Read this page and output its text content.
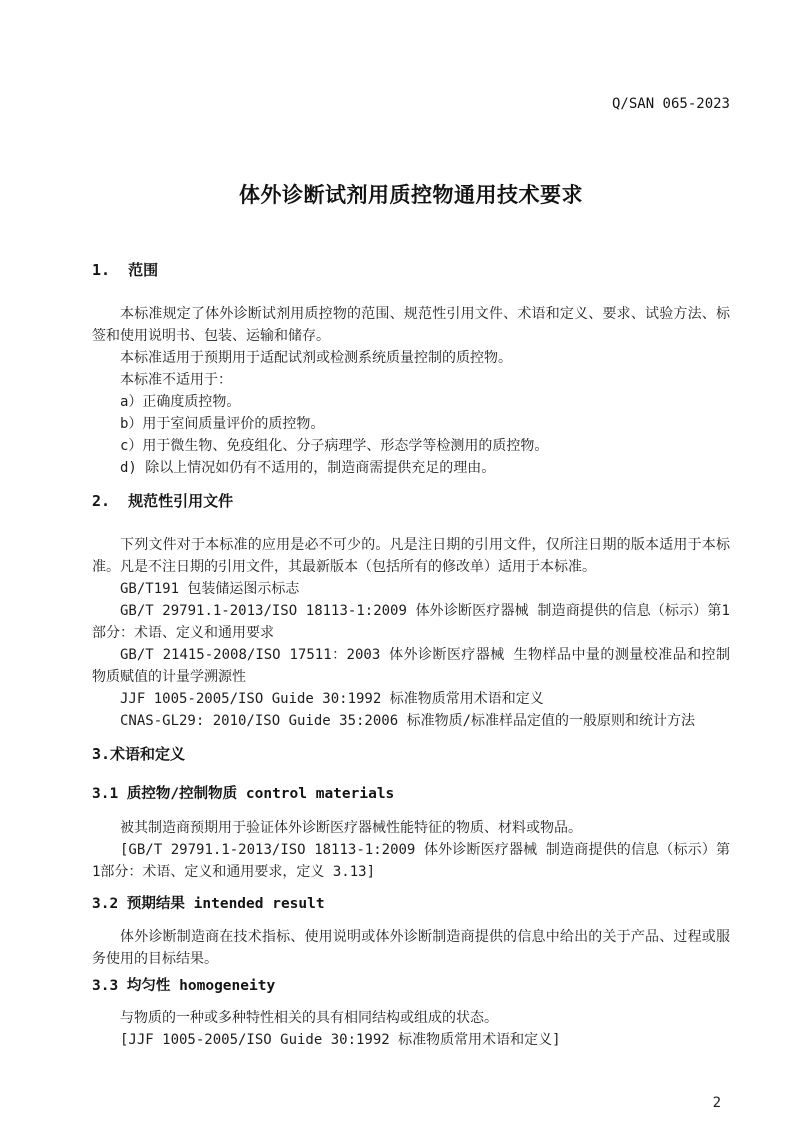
Q/SAN 065-2023
体外诊断试剂用质控物通用技术要求
1.  范围

本标准规定了体外诊断试剂用质控物的范围、规范性引用文件、术语和定义、要求、试验方法、标签和使用说明书、包装、运输和储存。

本标准适用于预期用于适配试剂或检测系统质量控制的质控物。

本标准不适用于：

a）正确度质控物。

b）用于室间质量评价的质控物。

c）用于微生物、免疫组化、分子病理学、形态学等检测用的质控物。

d) 除以上情况如仍有不适用的，制造商需提供充足的理由。

2.  规范性引用文件

下列文件对于本标准的应用是必不可少的。凡是注日期的引用文件，仅所注日期的版本适用于本标准。凡是不注日期的引用文件，其最新版本（包括所有的修改单）适用于本标准。

GB/T191 包装储运图示标志

GB/T 29791.1-2013/ISO 18113-1:2009 体外诊断医疗器械 制造商提供的信息（标示）第1部分：术语、定义和通用要求

GB/T 21415-2008/ISO 17511：2003 体外诊断医疗器械 生物样品中量的测量校准品和控制物质赋值的计量学溯源性

JJF 1005-2005/ISO Guide 30:1992 标准物质常用术语和定义

CNAS-GL29: 2010/ISO Guide 35:2006 标准物质/标准样品定值的一般原则和统计方法

3.术语和定义
3.1 质控物/控制物质 control materials

被其制造商预期用于验证体外诊断医疗器械性能特征的物质、材料或物品。

[GB/T 29791.1-2013/ISO 18113-1:2009 体外诊断医疗器械 制造商提供的信息（标示）第1部分：术语、定义和通用要求，定义 3.13]

3.2 预期结果 intended result

体外诊断制造商在技术指标、使用说明或体外诊断制造商提供的信息中给出的关于产品、过程或服务使用的目标结果。

3.3 均匀性 homogeneity

与物质的一种或多种特性相关的具有相同结构或组成的状态。

[JJF 1005-2005/ISO Guide 30:1992 标准物质常用术语和定义]

2
